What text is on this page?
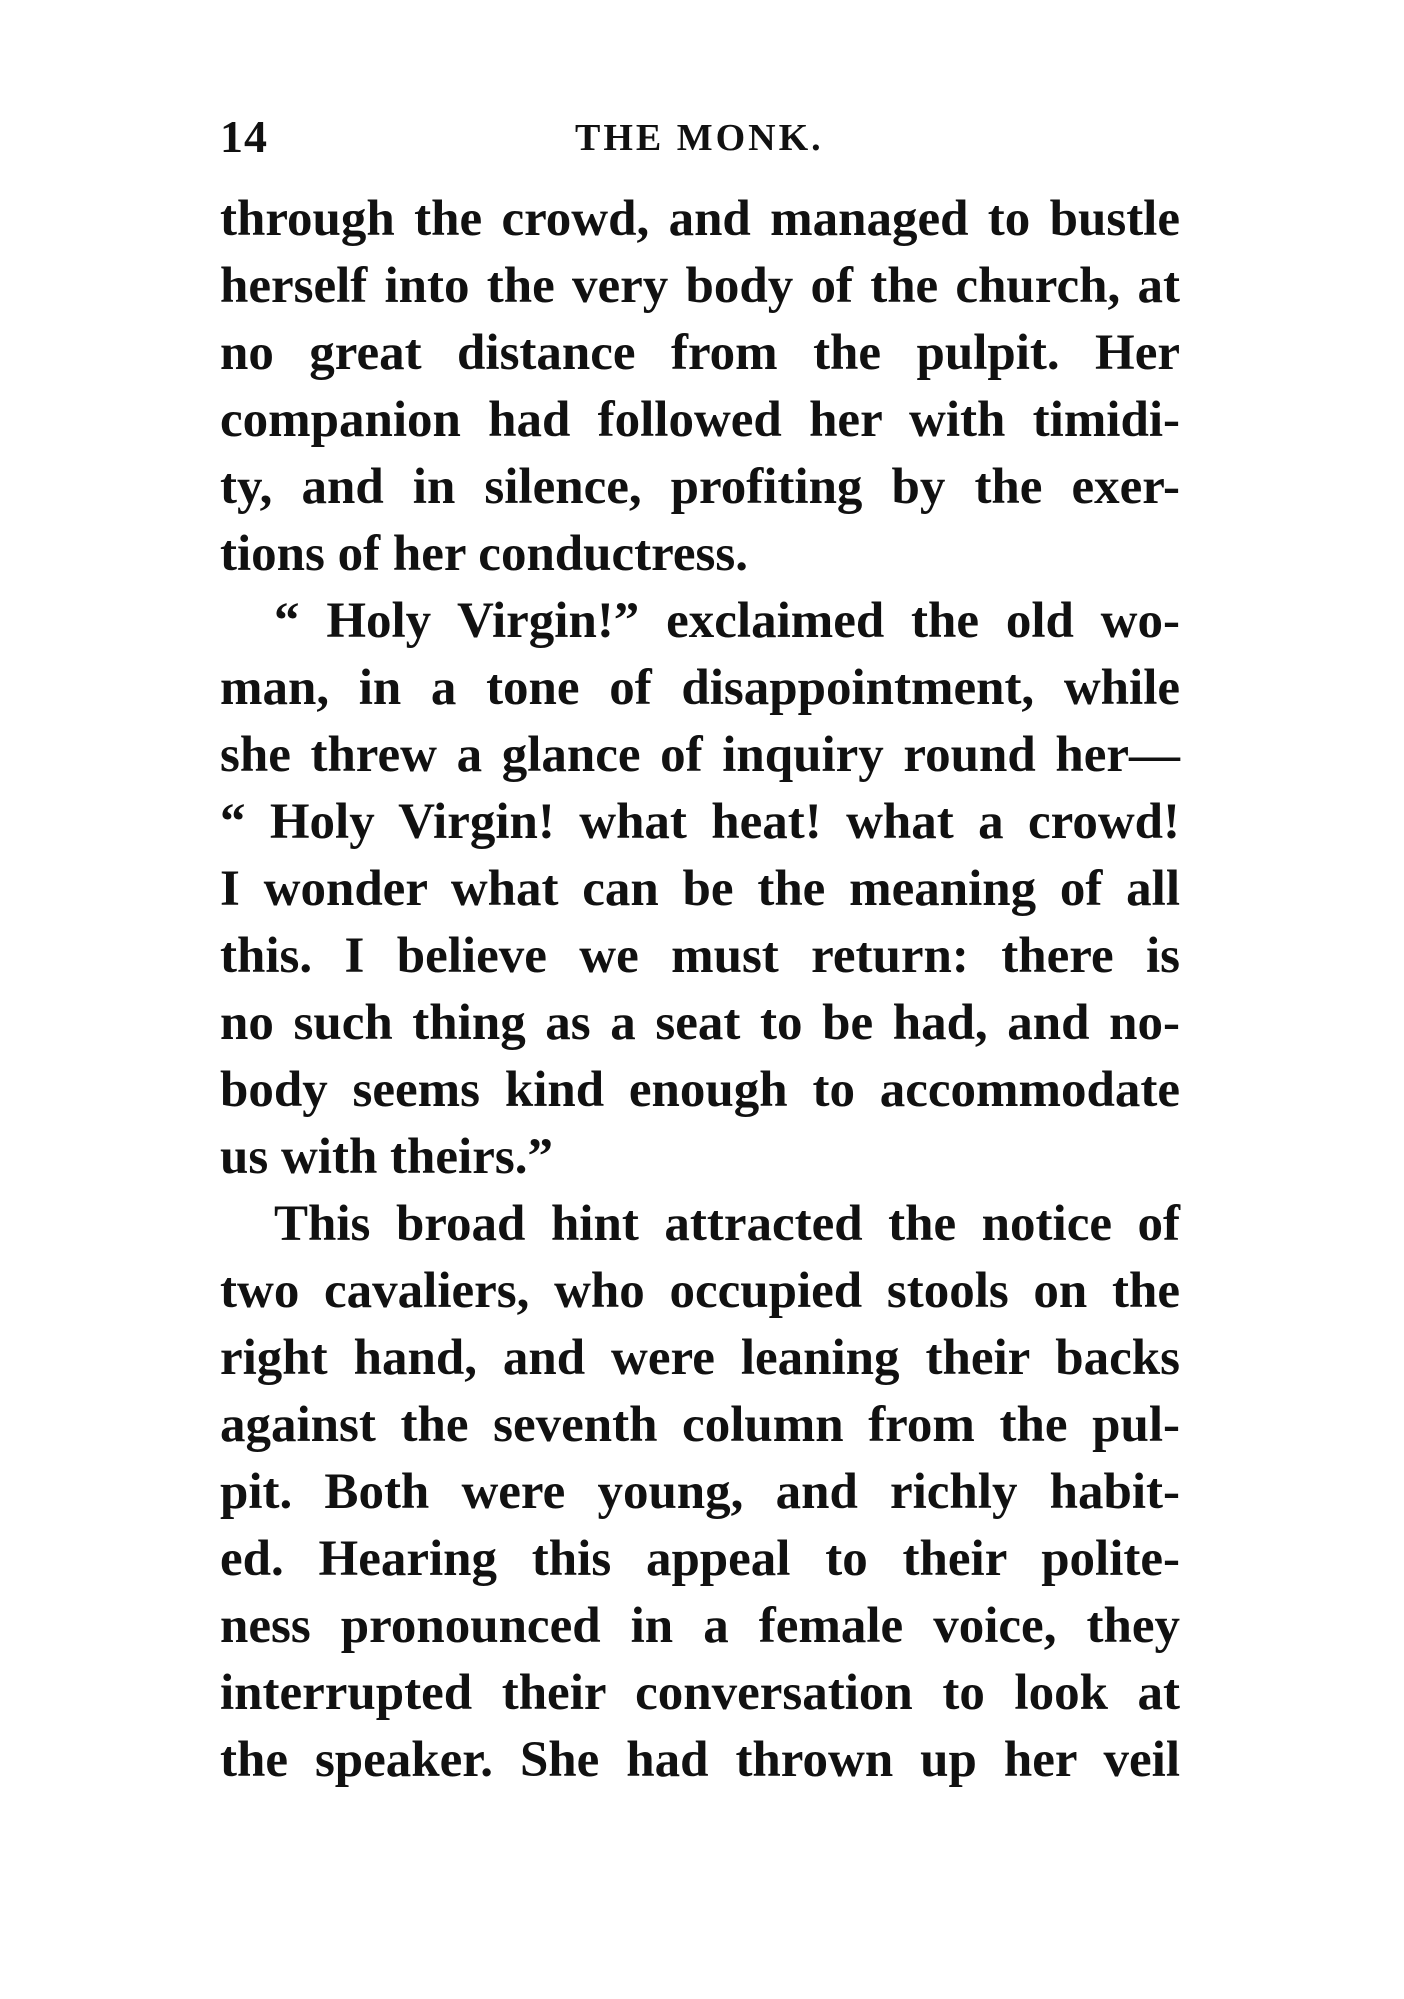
14	THE MONK.
through the crowd, and managed to bustle
herself into the very body of the church, at
no great distance from the pulpit. Her
companion had followed her with timidi-
ty, and in silence, profiting by the exer-
tions of her conductress.
“ Holy Virgin!” exclaimed the old wo-
man, in a tone of disappointment, while
she threw a glance of inquiry round her—
“ Holy Virgin! what heat! what a crowd!
I wonder what can be the meaning of all
this. I believe we must return: there is
no such thing as a seat to be had, and no-
body seems kind enough to accommodate
us with theirs.”
This broad hint attracted the notice of
two cavaliers, who occupied stools on the
right hand, and were leaning their backs
against the seventh column from the pul-
pit. Both were young, and richly habit-
ed. Hearing this appeal to their polite-
ness pronounced in a female voice, they
interrupted their conversation to look at
the speaker. She had thrown up her veil
